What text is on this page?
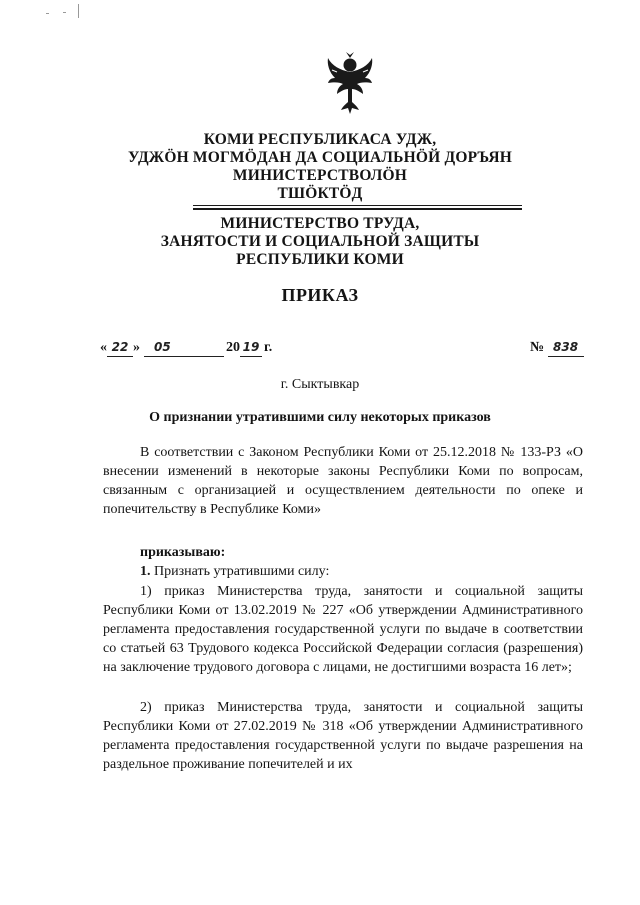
КОМИ РЕСПУБЛИКАСА УДЖ,
УДЖӦН МОГМӦДАН ДА СОЦИАЛЬНӦЙ ДОРЪЯН
МИНИСТЕРСТВОЛӦН
ТШӦКТӦД
МИНИСТЕРСТВО ТРУДА,
ЗАНЯТОСТИ И СОЦИАЛЬНОЙ ЗАЩИТЫ
РЕСПУБЛИКИ КОМИ
ПРИКАЗ
« 22 » 05	20 19 г.	№ 838
г. Сыктывкар
О признании утратившими силу некоторых приказов
В соответствии с Законом Республики Коми от 25.12.2018 № 133-РЗ «О внесении изменений в некоторые законы Республики Коми по вопросам, связанным с организацией и осуществлением деятельности по опеке и попечительству в Республике Коми»
приказываю:
1. Признать утратившими силу:
1) приказ Министерства труда, занятости и социальной защиты Республики Коми от 13.02.2019 № 227 «Об утверждении Административного регламента предоставления государственной услуги по выдаче в соответствии со статьей 63 Трудового кодекса Российской Федерации согласия (разрешения) на заключение трудового договора с лицами, не достигшими возраста 16 лет»;
2) приказ Министерства труда, занятости и социальной защиты Республики Коми от 27.02.2019 № 318 «Об утверждении Административного регламента предоставления государственной услуги по выдаче разрешения на раздельное проживание попечителей и их
